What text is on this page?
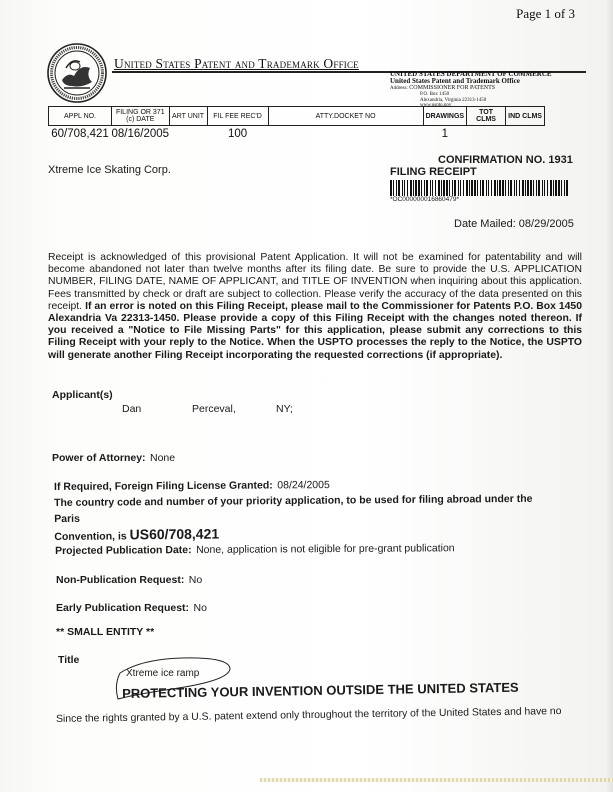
Page 1 of 3
United States Patent and Trademark Office
UNITED STATES DEPARTMENT OF COMMERCE
United States Patent and Trademark Office
Address: COMMISSIONER FOR PATENTS
P.O. Box 1450
Alexandria, Virginia 22313-1450
www.uspto.gov
APPL NO.	FILING OR 371 (c) DATE	ART UNIT	FIL FEE REC'D	ATTY.DOCKET NO	DRAWINGS	TOT CLMS	IND CLMS
60/708,421	08/16/2005		100		1		
Xtreme Ice Skating Corp.
CONFIRMATION NO. 1931
FILING RECEIPT
*OC000000016860479*
Date Mailed: 08/29/2005
Receipt is acknowledged of this provisional Patent Application. It will not be examined for patentability and will become abandoned not later than twelve months after its filing date. Be sure to provide the U.S. APPLICATION NUMBER, FILING DATE, NAME OF APPLICANT, and TITLE OF INVENTION when inquiring about this application. Fees transmitted by check or draft are subject to collection. Please verify the accuracy of the data presented on this receipt. If an error is noted on this Filing Receipt, please mail to the Commissioner for Patents P.O. Box 1450 Alexandria Va 22313-1450. Please provide a copy of this Filing Receipt with the changes noted thereon. If you received a "Notice to File Missing Parts" for this application, please submit any corrections to this Filing Receipt with your reply to the Notice. When the USPTO processes the reply to the Notice, the USPTO will generate another Filing Receipt incorporating the requested corrections (if appropriate).
Applicant(s)
Dan	Perceval,	NY;
Power of Attorney: None
If Required, Foreign Filing License Granted: 08/24/2005
The country code and number of your priority application, to be used for filing abroad under the Paris
Convention, is US60/708,421
Projected Publication Date: None, application is not eligible for pre-grant publication
Non-Publication Request: No
Early Publication Request: No
** SMALL ENTITY **
Title
Xtreme ice ramp
PROTECTING YOUR INVENTION OUTSIDE THE UNITED STATES
Since the rights granted by a U.S. patent extend only throughout the territory of the United States and have no
